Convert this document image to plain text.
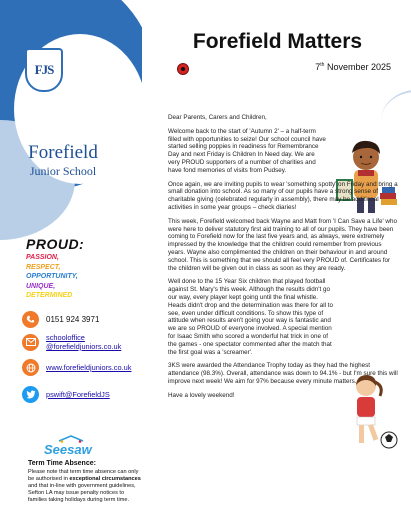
FJS
Forefield
Junior School
PROUD:
PASSION,
RESPECT,
OPPORTUNITY,
UNIQUE,
DETERMINED
0151 924 3971
schooloffice
@forefieldjuniors.co.uk
www.forefieldjuniors.co.uk
pswift@ForefieldJS
Seesaw
Term Time Absence:
Please note that term time absence can only be authorised in exceptional circumstances and that in-line with government guidelines, Sefton LA may issue penalty notices to families taking holidays during term time.
Forefield Matters
7th November 2025

Dear Parents, Carers and Children,

Welcome back to the start of 'Autumn 2' – a half-term filled with opportunities to seize! Our school council have started selling poppies in readiness for Remembrance Day and next Friday is Children In Need day. We are very PROUD supporters of a number of charities and have fond memories of visits from Pudsey.

Once again, we are inviting pupils to wear 'something spotty' on Friday and bring a small donation into school. As so many of our pupils have a strong sense of charitable giving (celebrated regularly in assembly), there may be additional activities in some year groups – check diaries!

This week, Forefield welcomed back Wayne and Matt from 'I Can Save a Life' who were here to deliver statutory first aid training to all of our pupils. They have been coming to Forefield now for the last five years and, as always, were extremely impressed by the knowledge that the children could remember from previous years. Wayne also complimented the children on their behaviour in and around school. This is something that we should all feel very PROUD of. Certificates for the children will be given out in class as soon as they are ready.

Well done to the 15 Year Six children that played football against St. Mary's this week. Although the results didn't go our way, every player kept going until the final whistle. Heads didn't drop and the determination was there for all to see, even under difficult conditions. To show this type of attitude when results aren't going your way is fantastic and we are so PROUD of everyone involved. A special mention for Isaac Smith who scored a wonderful hat trick in one of the games - one spectator commented after the match that the first goal was a 'screamer'.

3KS were awarded the Attendance Trophy today as they had the highest attendance (98.3%). Overall, attendance was down to 94.1% - but I'm sure this will improve next week! We aim for 97% because every minute matters.

Have a lovely weekend!
